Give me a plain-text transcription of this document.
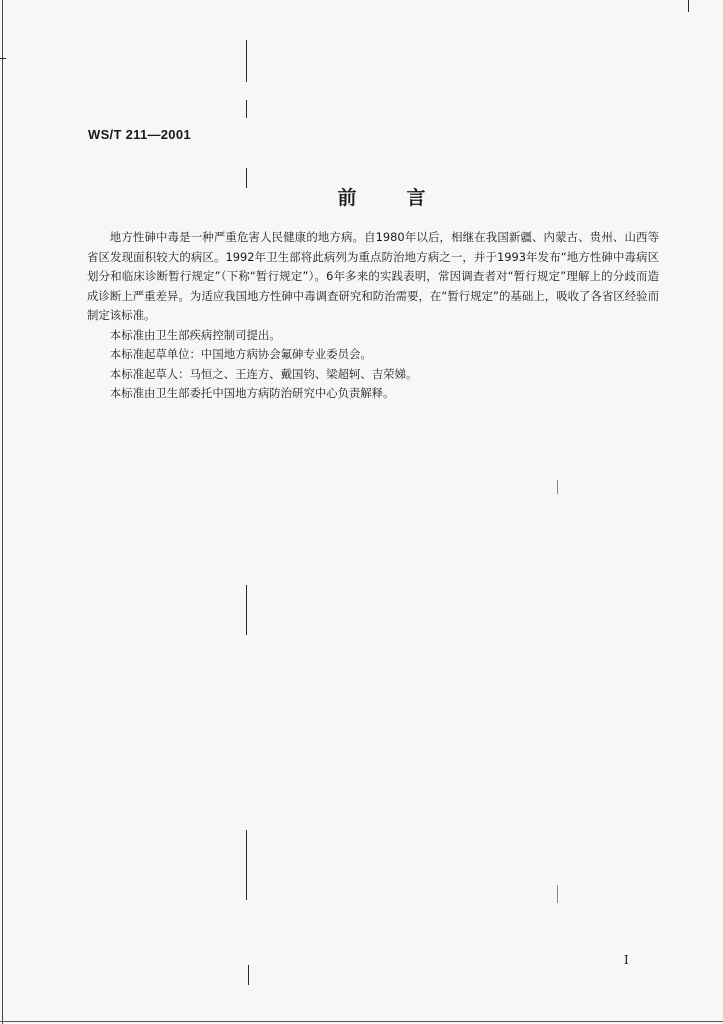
WS/T 211—2001
前	言

地方性砷中毒是一种严重危害人民健康的地方病。自1980年以后，相继在我国新疆、内蒙古、贵州、山西等省区发现面积较大的病区。1992年卫生部将此病列为重点防治地方病之一，并于1993年发布“地方性砷中毒病区划分和临床诊断暂行规定”（下称“暂行规定”）。6年多来的实践表明，常因调查者对“暂行规定”理解上的分歧而造成诊断上严重差异。为适应我国地方性砷中毒调查研究和防治需要，在“暂行规定”的基础上，吸收了各省区经验而制定该标准。

本标准由卫生部疾病控制司提出。

本标准起草单位：中国地方病协会氟砷专业委员会。

本标准起草人：马恒之、王连方、戴国钧、梁超轲、吉荣娣。

本标准由卫生部委托中国地方病防治研究中心负责解释。

I
